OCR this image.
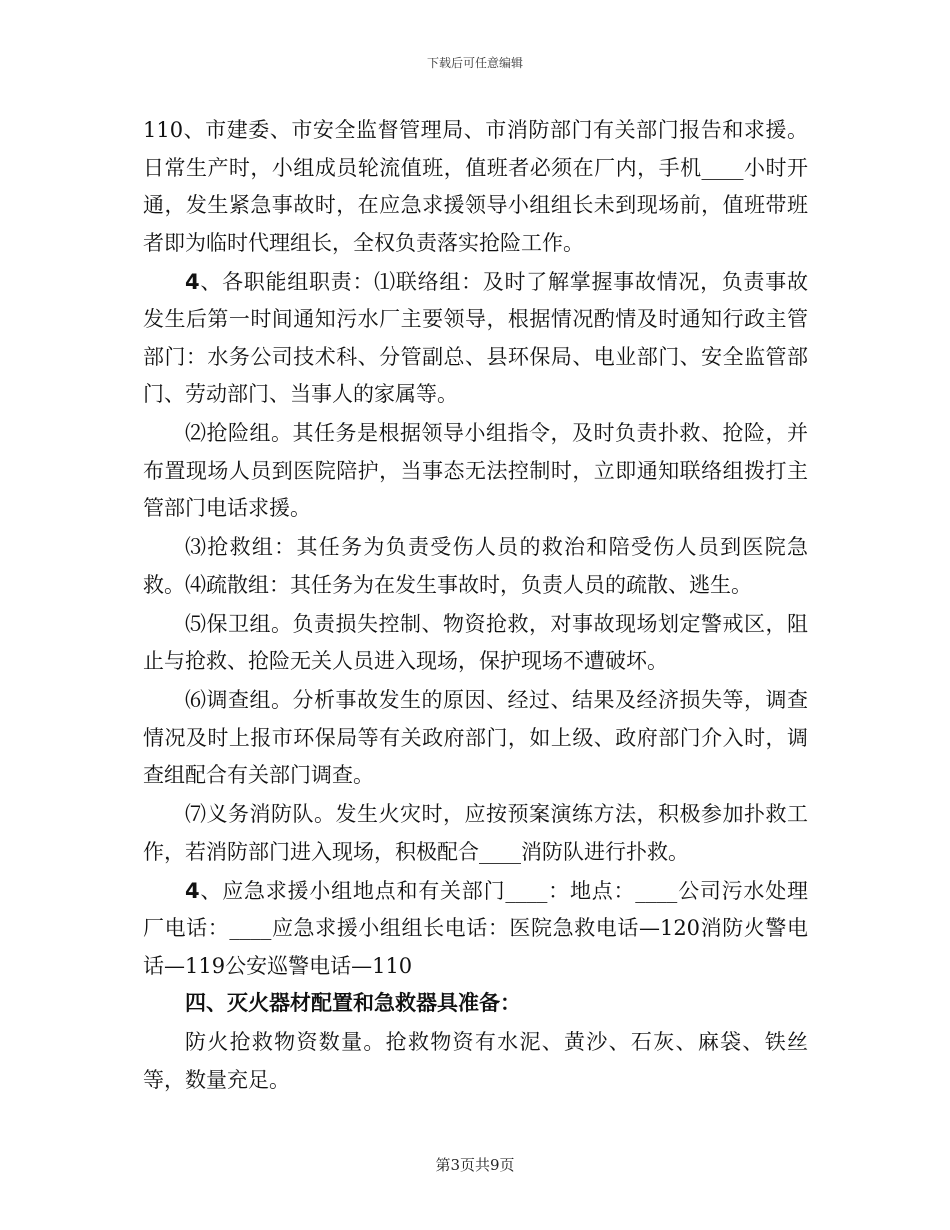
下载后可任意编辑

110、市建委、市安全监督管理局、市消防部门有关部门报告和求援。日常生产时，小组成员轮流值班，值班者必须在厂内，手机____小时开通，发生紧急事故时，在应急求援领导小组组长未到现场前，值班带班者即为临时代理组长，全权负责落实抢险工作。

4、各职能组职责：⑴联络组：及时了解掌握事故情况，负责事故发生后第一时间通知污水厂主要领导，根据情况酌情及时通知行政主管部门：水务公司技术科、分管副总、县环保局、电业部门、安全监管部门、劳动部门、当事人的家属等。

⑵抢险组。其任务是根据领导小组指令，及时负责扑救、抢险，并布置现场人员到医院陪护，当事态无法控制时，立即通知联络组拨打主管部门电话求援。

⑶抢救组：其任务为负责受伤人员的救治和陪受伤人员到医院急救。⑷疏散组：其任务为在发生事故时，负责人员的疏散、逃生。

⑸保卫组。负责损失控制、物资抢救，对事故现场划定警戒区，阻止与抢救、抢险无关人员进入现场，保护现场不遭破坏。

⑹调查组。分析事故发生的原因、经过、结果及经济损失等，调查情况及时上报市环保局等有关政府部门，如上级、政府部门介入时，调查组配合有关部门调查。

⑺义务消防队。发生火灾时，应按预案演练方法，积极参加扑救工作，若消防部门进入现场，积极配合____消防队进行扑救。

4、应急求援小组地点和有关部门____：地点：____公司污水处理厂电话：____应急求援小组组长电话：医院急救电话—120消防火警电话—119公安巡警电话—110

四、灭火器材配置和急救器具准备：

防火抢救物资数量。抢救物资有水泥、黄沙、石灰、麻袋、铁丝等，数量充足。

第3页共9页
